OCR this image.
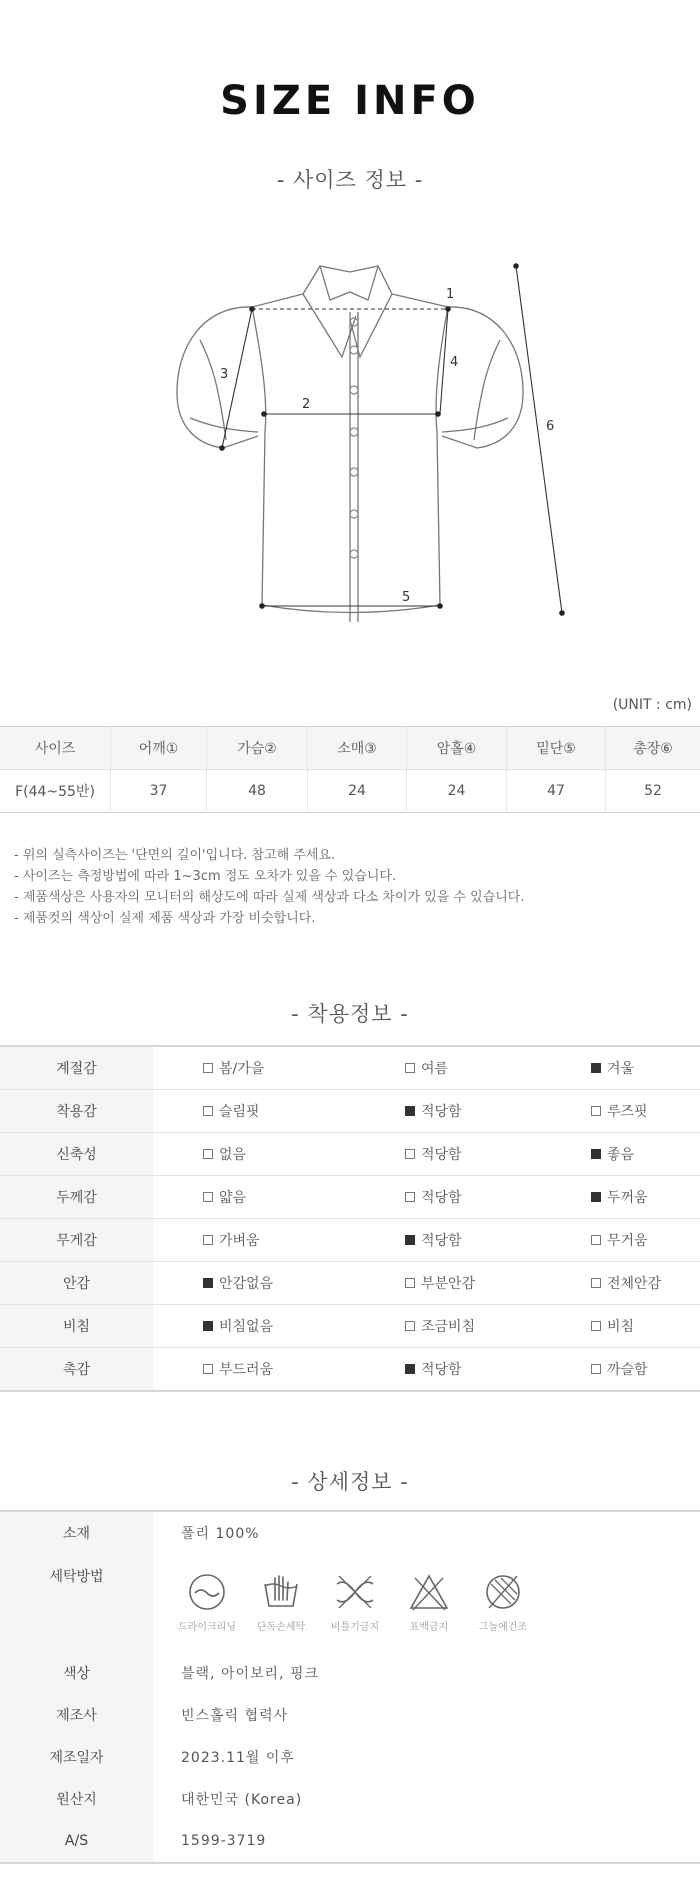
SIZE INFO
- 사이즈 정보 -
1
2
3
4
5
6
(UNIT : cm)
사이즈	어깨①	가슴②	소매③	암홀④	밑단⑤	총장⑥
F(44~55반)	37	48	24	24	47	52
- 위의 실측사이즈는 '단면의 길이'입니다. 참고해 주세요.
- 사이즈는 측정방법에 따라 1~3cm 정도 오차가 있을 수 있습니다.
- 제품색상은 사용자의 모니터의 해상도에 따라 실제 색상과 다소 차이가 있을 수 있습니다.
- 제품컷의 색상이 실제 제품 색상과 가장 비슷합니다.
- 착용정보 -
계절감	봄/가을	여름	겨울

착용감	슬림핏	적당함	루즈핏

신축성	없음	적당함	좋음

두께감	얇음	적당함	두꺼움

무게감	가벼움	적당함	무거움

안감	안감없음	부분안감	전체안감

비침	비침없음	조금비침	비침

촉감	부드러움	적당함	까슬함
- 상세정보 -
소재	폴리 100%
세탁방법	드라이크리닝 단독손세탁 비틀기금지 표백금지 그늘에건조

색상	블랙, 아이보리, 핑크
제조사	빈스홀릭 협력사
제조일자	2023.11월 이후
원산지	대한민국 (Korea)
A/S	1599-3719
